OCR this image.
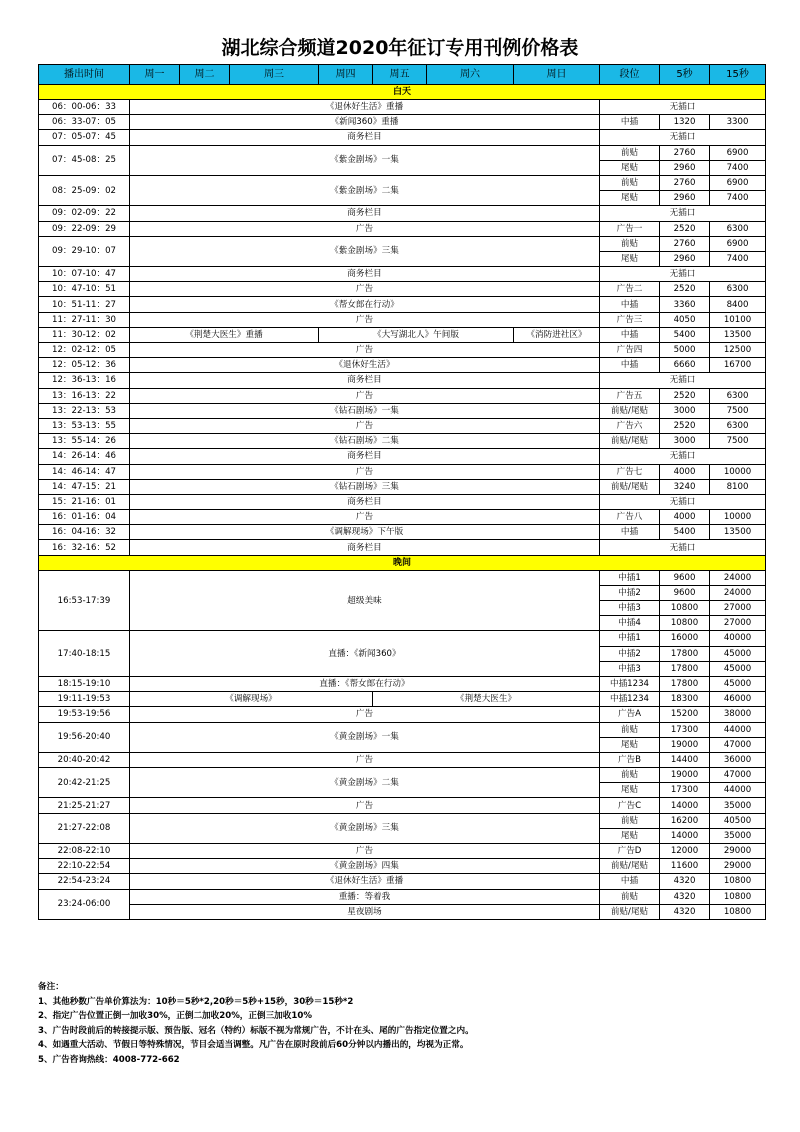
湖北综合频道2020年征订专用刊例价格表
播出时间	周一	周二	周三	周四	周五	周六	周日	段位	5秒	15秒
白天										
06：00-06：33	《退休好生活》重播							无插口		
06：33-07：05	《新闻360》重播							中插	1320	3300
07：05-07：45	商务栏目							无插口		
07：45-08：25	《紫金剧场》一集							前贴	2760	6900
								尾贴	2960	7400
08：25-09：02	《紫金剧场》二集							前贴	2760	6900
								尾贴	2960	7400
09：02-09：22	商务栏目							无插口		
09：22-09：29	广告							广告一	2520	6300
09：29-10：07	《紫金剧场》三集							前贴	2760	6900
								尾贴	2960	7400
10：07-10：47	商务栏目							无插口		
10：47-10：51	广告							广告二	2520	6300
10：51-11：27	《帮女郎在行动》							中插	3360	8400
11：27-11：30	广告							广告三	4050	10100
11：30-12：02	《荆楚大医生》重播			《大写湖北人》午间版			《消防进社区》	中插	5400	13500
12：02-12：05	广告							广告四	5000	12500
12：05-12：36	《退休好生活》							中插	6660	16700
12：36-13：16	商务栏目							无插口		
13：16-13：22	广告							广告五	2520	6300
13：22-13：53	《钻石剧场》一集							前贴/尾贴	3000	7500
13：53-13：55	广告							广告六	2520	6300
13：55-14：26	《钻石剧场》二集							前贴/尾贴	3000	7500
14：26-14：46	商务栏目							无插口		
14：46-14：47	广告							广告七	4000	10000
14：47-15：21	《钻石剧场》三集							前贴/尾贴	3240	8100
15：21-16：01	商务栏目							无插口		
16：01-16：04	广告							广告八	4000	10000
16：04-16：32	《调解现场》下午版							中插	5400	13500
16：32-16：52	商务栏目							无插口		
晚间										
16:53-17:39	超级美味							中插1	9600	24000
								中插2	9600	24000
								中插3	10800	27000
								中插4	10800	27000
17:40-18:15	直播：《新闻360》							中插1	16000	40000
								中插2	17800	45000
								中插3	17800	45000
18:15-19:10	直播：《帮女郎在行动》							中插1234	17800	45000
19:11-19:53	《调解现场》				《荆楚大医生》			中插1234	18300	46000
19:53-19:56	广告							广告A	15200	38000
19:56-20:40	《黄金剧场》一集							前贴	17300	44000
								尾贴	19000	47000
20:40-20:42	广告							广告B	14400	36000
20:42-21:25	《黄金剧场》二集							前贴	19000	47000
								尾贴	17300	44000
21:25-21:27	广告							广告C	14000	35000
21:27-22:08	《黄金剧场》三集							前贴	16200	40500
								尾贴	14000	35000
22:08-22:10	广告							广告D	12000	29000
22:10-22:54	《黄金剧场》四集							前贴/尾贴	11600	29000
22:54-23:24	《退休好生活》重播							中插	4320	10800
23:24-06:00	重播：等着我							前贴	4320	10800
	星夜剧场							前贴/尾贴	4320	10800
备注：
1、其他秒数广告单价算法为：10秒＝5秒*2,20秒＝5秒+15秒，30秒＝15秒*2
2、指定广告位置正倒一加收30%，正倒二加收20%，正倒三加收10%
3、广告时段前后的转接提示版、预告版、冠名（特约）标版不视为常规广告，不计在头、尾的广告指定位置之内。
4、如遇重大活动、节假日等特殊情况，节目会适当调整。凡广告在原时段前后60分钟以内播出的，均视为正常。
5、广告咨询热线：4008-772-662
